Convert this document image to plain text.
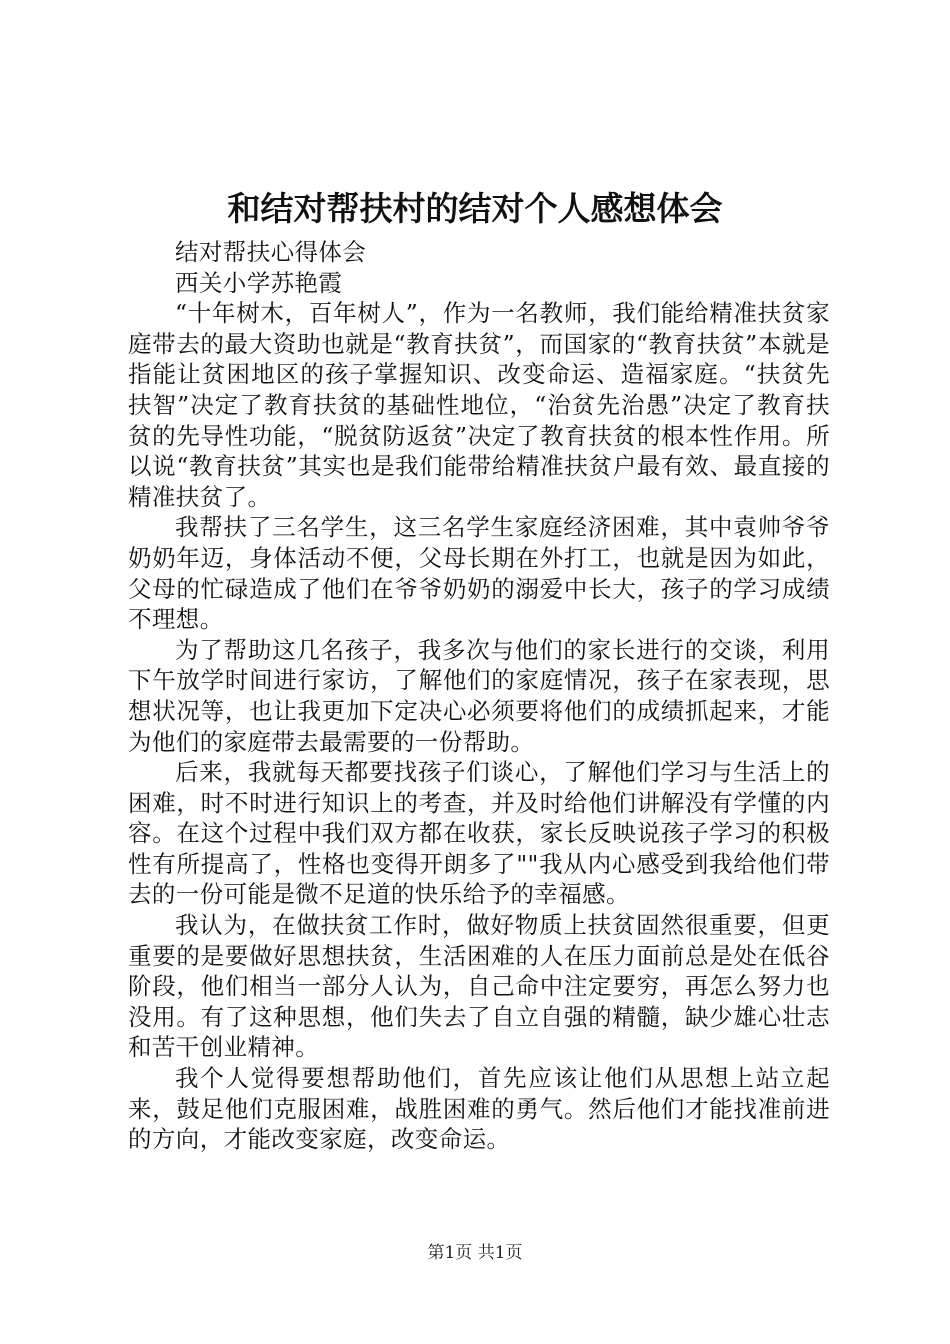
和结对帮扶村的结对个人感想体会

结对帮扶心得体会

西关小学苏艳霞

“十年树木，百年树人”，作为一名教师，我们能给精准扶贫家庭带去的最大资助也就是“教育扶贫”，而国家的“教育扶贫”本就是指能让贫困地区的孩子掌握知识、改变命运、造福家庭。“扶贫先扶智”决定了教育扶贫的基础性地位，“治贫先治愚”决定了教育扶贫的先导性功能，“脱贫防返贫”决定了教育扶贫的根本性作用。所以说“教育扶贫”其实也是我们能带给精准扶贫户最有效、最直接的精准扶贫了。

我帮扶了三名学生，这三名学生家庭经济困难，其中袁帅爷爷奶奶年迈，身体活动不便，父母长期在外打工，也就是因为如此，父母的忙碌造成了他们在爷爷奶奶的溺爱中长大，孩子的学习成绩不理想。

为了帮助这几名孩子，我多次与他们的家长进行的交谈，利用下午放学时间进行家访，了解他们的家庭情况，孩子在家表现，思想状况等，也让我更加下定决心必须要将他们的成绩抓起来，才能为他们的家庭带去最需要的一份帮助。

后来，我就每天都要找孩子们谈心，了解他们学习与生活上的困难，时不时进行知识上的考查，并及时给他们讲解没有学懂的内容。在这个过程中我们双方都在收获，家长反映说孩子学习的积极性有所提高了，性格也变得开朗多了""我从内心感受到我给他们带去的一份可能是微不足道的快乐给予的幸福感。

我认为，在做扶贫工作时，做好物质上扶贫固然很重要，但更重要的是要做好思想扶贫，生活困难的人在压力面前总是处在低谷阶段，他们相当一部分人认为，自己命中注定要穷，再怎么努力也没用。有了这种思想，他们失去了自立自强的精髓，缺少雄心壮志和苦干创业精神。

我个人觉得要想帮助他们，首先应该让他们从思想上站立起来，鼓足他们克服困难，战胜困难的勇气。然后他们才能找准前进的方向，才能改变家庭，改变命运。

第1页 共1页
